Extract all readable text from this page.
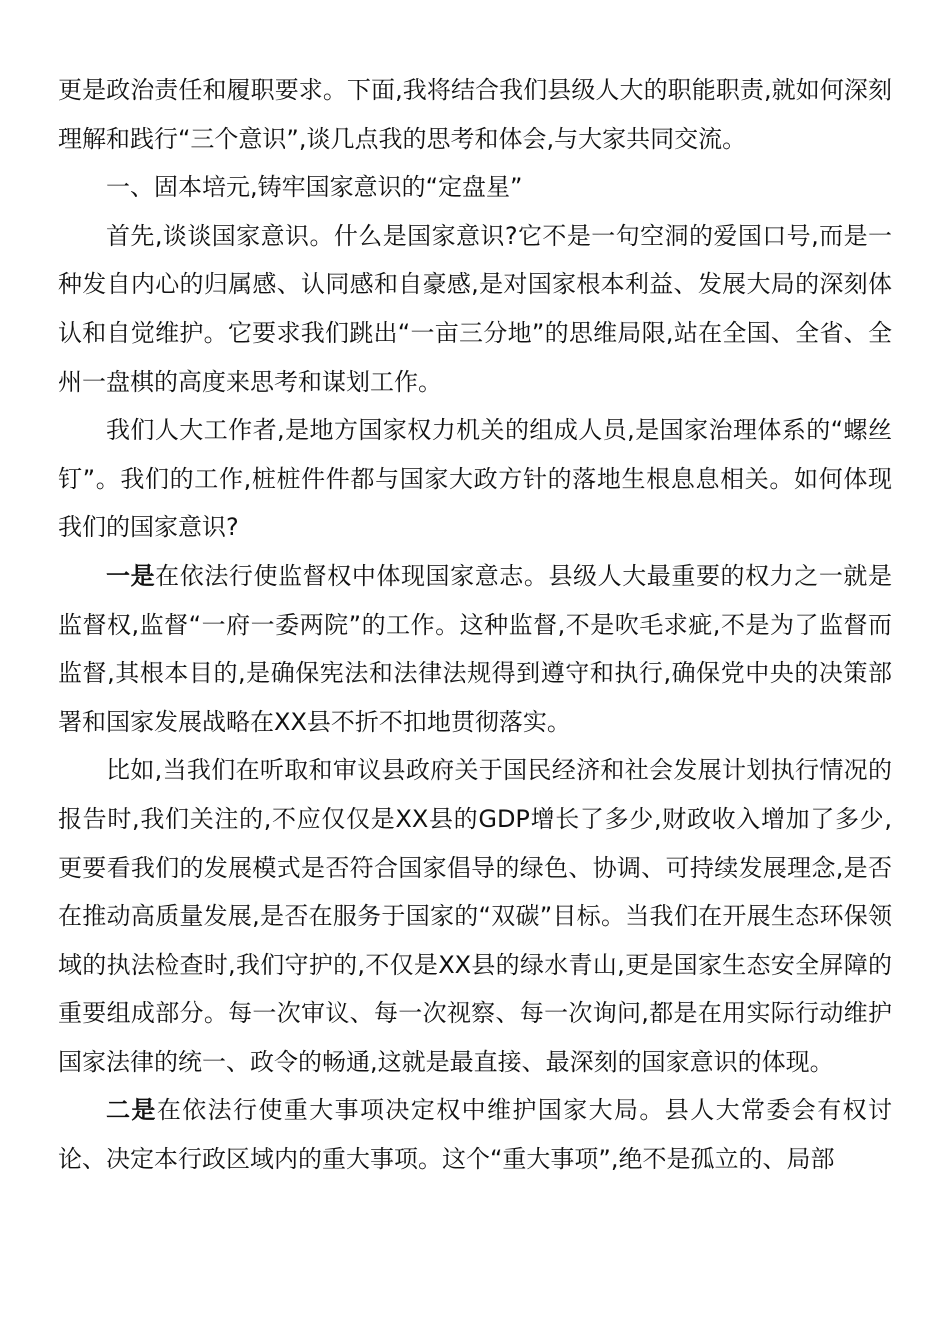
更是政治责任和履职要求。下面,我将结合我们县级人大的职能职责,就如何深刻理解和践行“三个意识”,谈几点我的思考和体会,与大家共同交流。

一、固本培元,铸牢国家意识的“定盘星”

首先,谈谈国家意识。什么是国家意识?它不是一句空洞的爱国口号,而是一种发自内心的归属感、认同感和自豪感,是对国家根本利益、发展大局的深刻体认和自觉维护。它要求我们跳出“一亩三分地”的思维局限,站在全国、全省、全州一盘棋的高度来思考和谋划工作。

我们人大工作者,是地方国家权力机关的组成人员,是国家治理体系的“螺丝钉”。我们的工作,桩桩件件都与国家大政方针的落地生根息息相关。如何体现我们的国家意识?

一是在依法行使监督权中体现国家意志。县级人大最重要的权力之一就是监督权,监督“一府一委两院”的工作。这种监督,不是吹毛求疵,不是为了监督而监督,其根本目的,是确保宪法和法律法规得到遵守和执行,确保党中央的决策部署和国家发展战略在XX县不折不扣地贯彻落实。

比如,当我们在听取和审议县政府关于国民经济和社会发展计划执行情况的报告时,我们关注的,不应仅仅是XX县的GDP增长了多少,财政收入增加了多少,更要看我们的发展模式是否符合国家倡导的绿色、协调、可持续发展理念,是否在推动高质量发展,是否在服务于国家的“双碳”目标。当我们在开展生态环保领域的执法检查时,我们守护的,不仅是XX县的绿水青山,更是国家生态安全屏障的重要组成部分。每一次审议、每一次视察、每一次询问,都是在用实际行动维护国家法律的统一、政令的畅通,这就是最直接、最深刻的国家意识的体现。

二是在依法行使重大事项决定权中维护国家大局。县人大常委会有权讨论、决定本行政区域内的重大事项。这个“重大事项”,绝不是孤立的、局部
